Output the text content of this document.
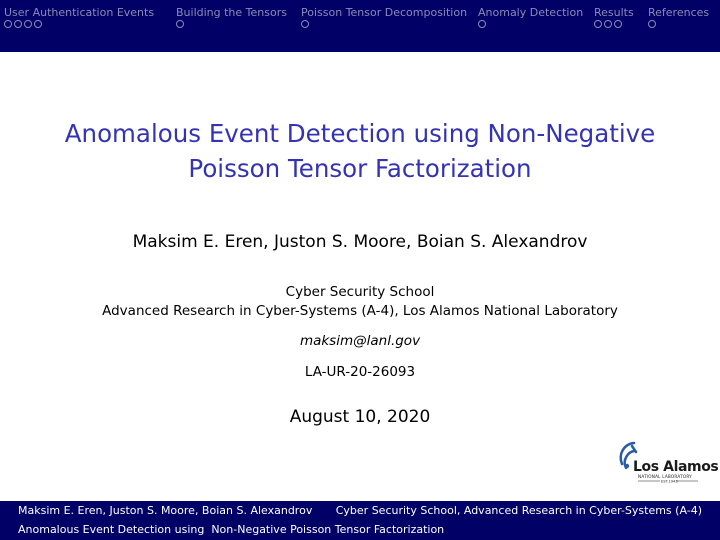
User Authentication Events Building the Tensors Poisson Tensor Decomposition Anomaly Detection Results References
Anomalous Event Detection using Non-Negative
Poisson Tensor Factorization
Maksim E. Eren, Juston S. Moore, Boian S. Alexandrov
Cyber Security School
Advanced Research in Cyber-Systems (A-4), Los Alamos National Laboratory
maksim@lanl.gov
LA-UR-20-26093
August 10, 2020
Los Alamos
NATIONAL LABORATORY
EST.1943
Maksim E. Eren, Juston S. Moore, Boian S. Alexandrov Cyber Security School, Advanced Research in Cyber-Systems (A-4)
Anomalous Event Detection using  Non-Negative Poisson Tensor Factorization
